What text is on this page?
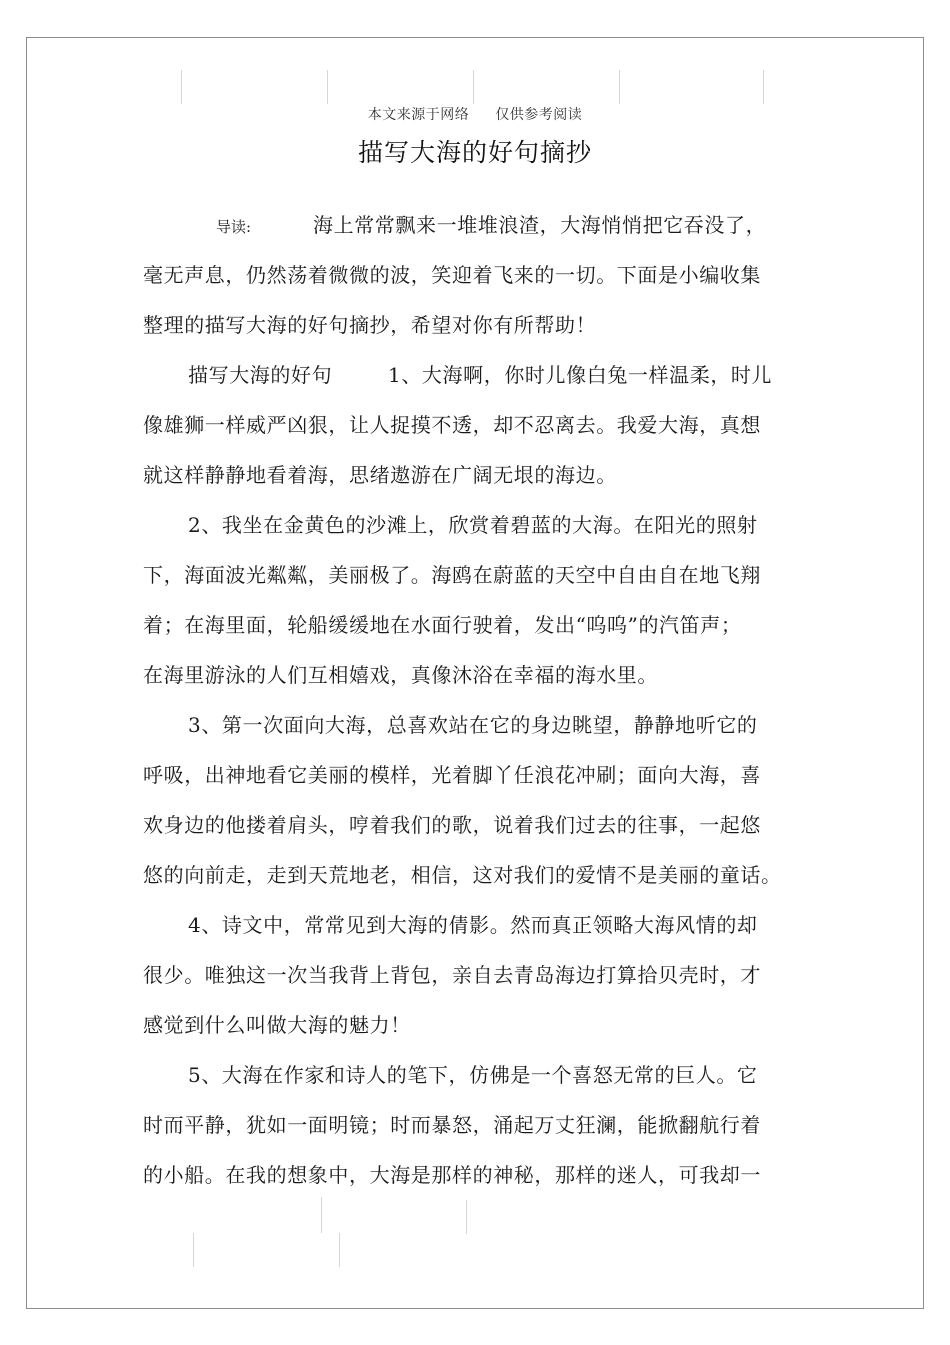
本文来源于网络 仅供参考阅读
描写大海的好句摘抄
导读:	海上常常飘来一堆堆浪渣，大海悄悄把它吞没了，
毫无声息，仍然荡着微微的波，笑迎着飞来的一切。下面是小编收集
整理的描写大海的好句摘抄，希望对你有所帮助！
描写大海的好句	1、大海啊，你时儿像白兔一样温柔，时儿
像雄狮一样威严凶狠，让人捉摸不透，却不忍离去。我爱大海，真想
就这样静静地看着海，思绪遨游在广阔无垠的海边。
2、我坐在金黄色的沙滩上，欣赏着碧蓝的大海。在阳光的照射
下，海面波光粼粼，美丽极了。海鸥在蔚蓝的天空中自由自在地飞翔
着；在海里面，轮船缓缓地在水面行驶着，发出“呜呜”的汽笛声；
在海里游泳的人们互相嬉戏，真像沐浴在幸福的海水里。
3、第一次面向大海，总喜欢站在它的身边眺望，静静地听它的
呼吸，出神地看它美丽的模样，光着脚丫任浪花冲刷；面向大海，喜
欢身边的他搂着肩头，哼着我们的歌，说着我们过去的往事，一起悠
悠的向前走，走到天荒地老，相信，这对我们的爱情不是美丽的童话。
4、诗文中，常常见到大海的倩影。然而真正领略大海风情的却
很少。唯独这一次当我背上背包，亲自去青岛海边打算拾贝壳时，才
感觉到什么叫做大海的魅力！
5、大海在作家和诗人的笔下，仿佛是一个喜怒无常的巨人。它
时而平静，犹如一面明镜；时而暴怒，涌起万丈狂澜，能掀翻航行着
的小船。在我的想象中，大海是那样的神秘，那样的迷人，可我却一
